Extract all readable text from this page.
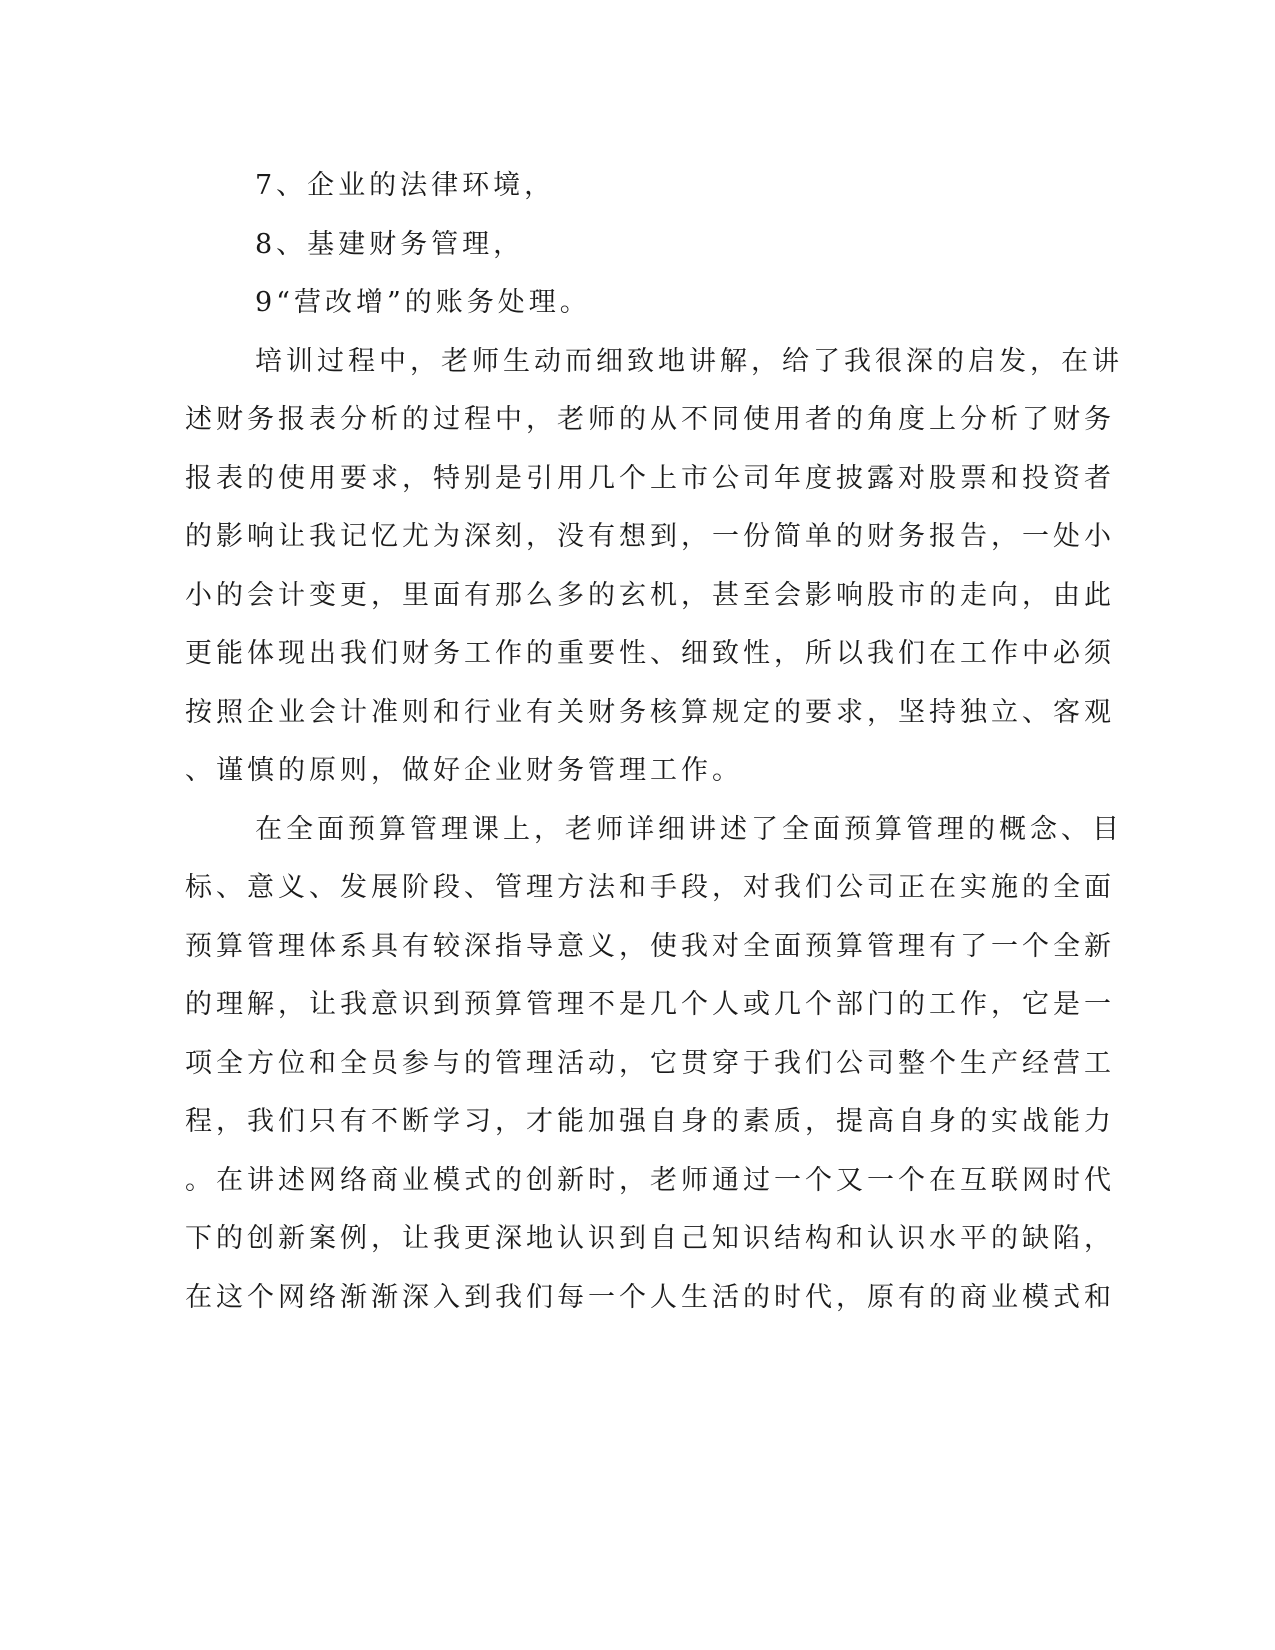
7、企业的法律环境，
8、基建财务管理，
9“营改增”的账务处理。
培训过程中，老师生动而细致地讲解，给了我很深的启发，在讲
述财务报表分析的过程中，老师的从不同使用者的角度上分析了财务
报表的使用要求，特别是引用几个上市公司年度披露对股票和投资者
的影响让我记忆尤为深刻，没有想到，一份简单的财务报告，一处小
小的会计变更，里面有那么多的玄机，甚至会影响股市的走向，由此
更能体现出我们财务工作的重要性、细致性，所以我们在工作中必须
按照企业会计准则和行业有关财务核算规定的要求，坚持独立、客观
、谨慎的原则，做好企业财务管理工作。
在全面预算管理课上，老师详细讲述了全面预算管理的概念、目
标、意义、发展阶段、管理方法和手段，对我们公司正在实施的全面
预算管理体系具有较深指导意义，使我对全面预算管理有了一个全新
的理解，让我意识到预算管理不是几个人或几个部门的工作，它是一
项全方位和全员参与的管理活动，它贯穿于我们公司整个生产经营工
程，我们只有不断学习，才能加强自身的素质，提高自身的实战能力
。在讲述网络商业模式的创新时，老师通过一个又一个在互联网时代
下的创新案例，让我更深地认识到自己知识结构和认识水平的缺陷，
在这个网络渐渐深入到我们每一个人生活的时代，原有的商业模式和
